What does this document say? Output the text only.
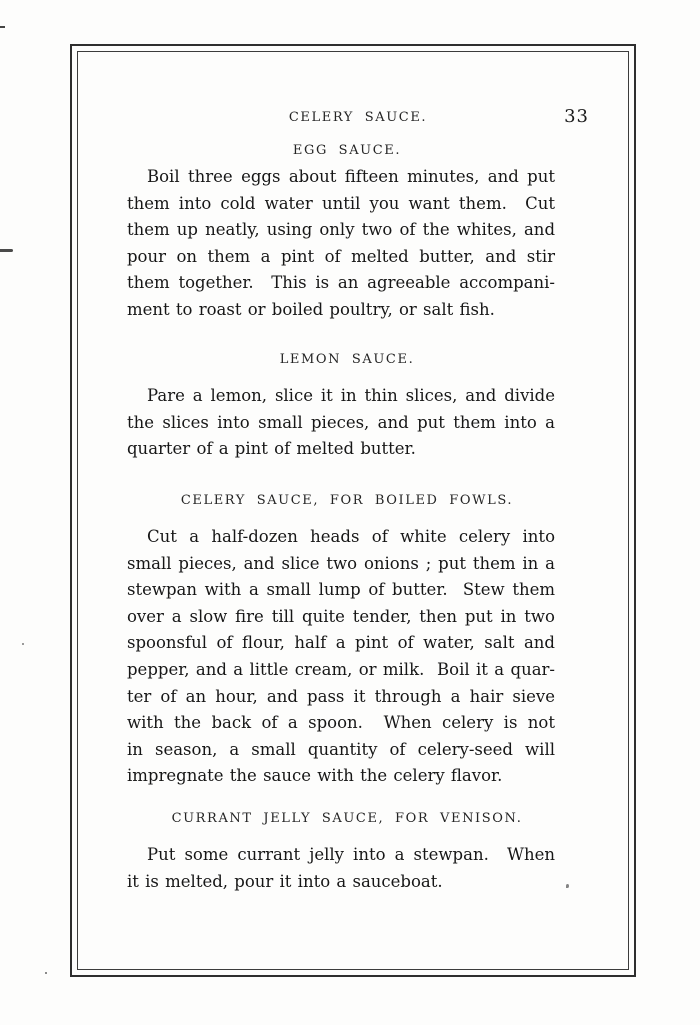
CELERY SAUCE.	33
EGG SAUCE.
Boil three eggs about fifteen minutes, and put
them into cold water until you want them.  Cut
them up neatly, using only two of the whites, and
pour on them a pint of melted butter, and stir
them together.  This is an agreeable accompani-
ment to roast or boiled poultry, or salt fish.
LEMON SAUCE.
Pare a lemon, slice it in thin slices, and divide
the slices into small pieces, and put them into a
quarter of a pint of melted butter.
CELERY SAUCE, FOR BOILED FOWLS.
Cut a half-dozen heads of white celery into
small pieces, and slice two onions ; put them in a
stewpan with a small lump of butter.  Stew them
over a slow fire till quite tender, then put in two
spoonsful of flour, half a pint of water, salt and
pepper, and a little cream, or milk.  Boil it a quar-
ter of an hour, and pass it through a hair sieve
with the back of a spoon.  When celery is not
in season, a small quantity of celery-seed will
impregnate the sauce with the celery flavor.
CURRANT JELLY SAUCE, FOR VENISON.
Put some currant jelly into a stewpan.  When
it is melted, pour it into a sauceboat.
